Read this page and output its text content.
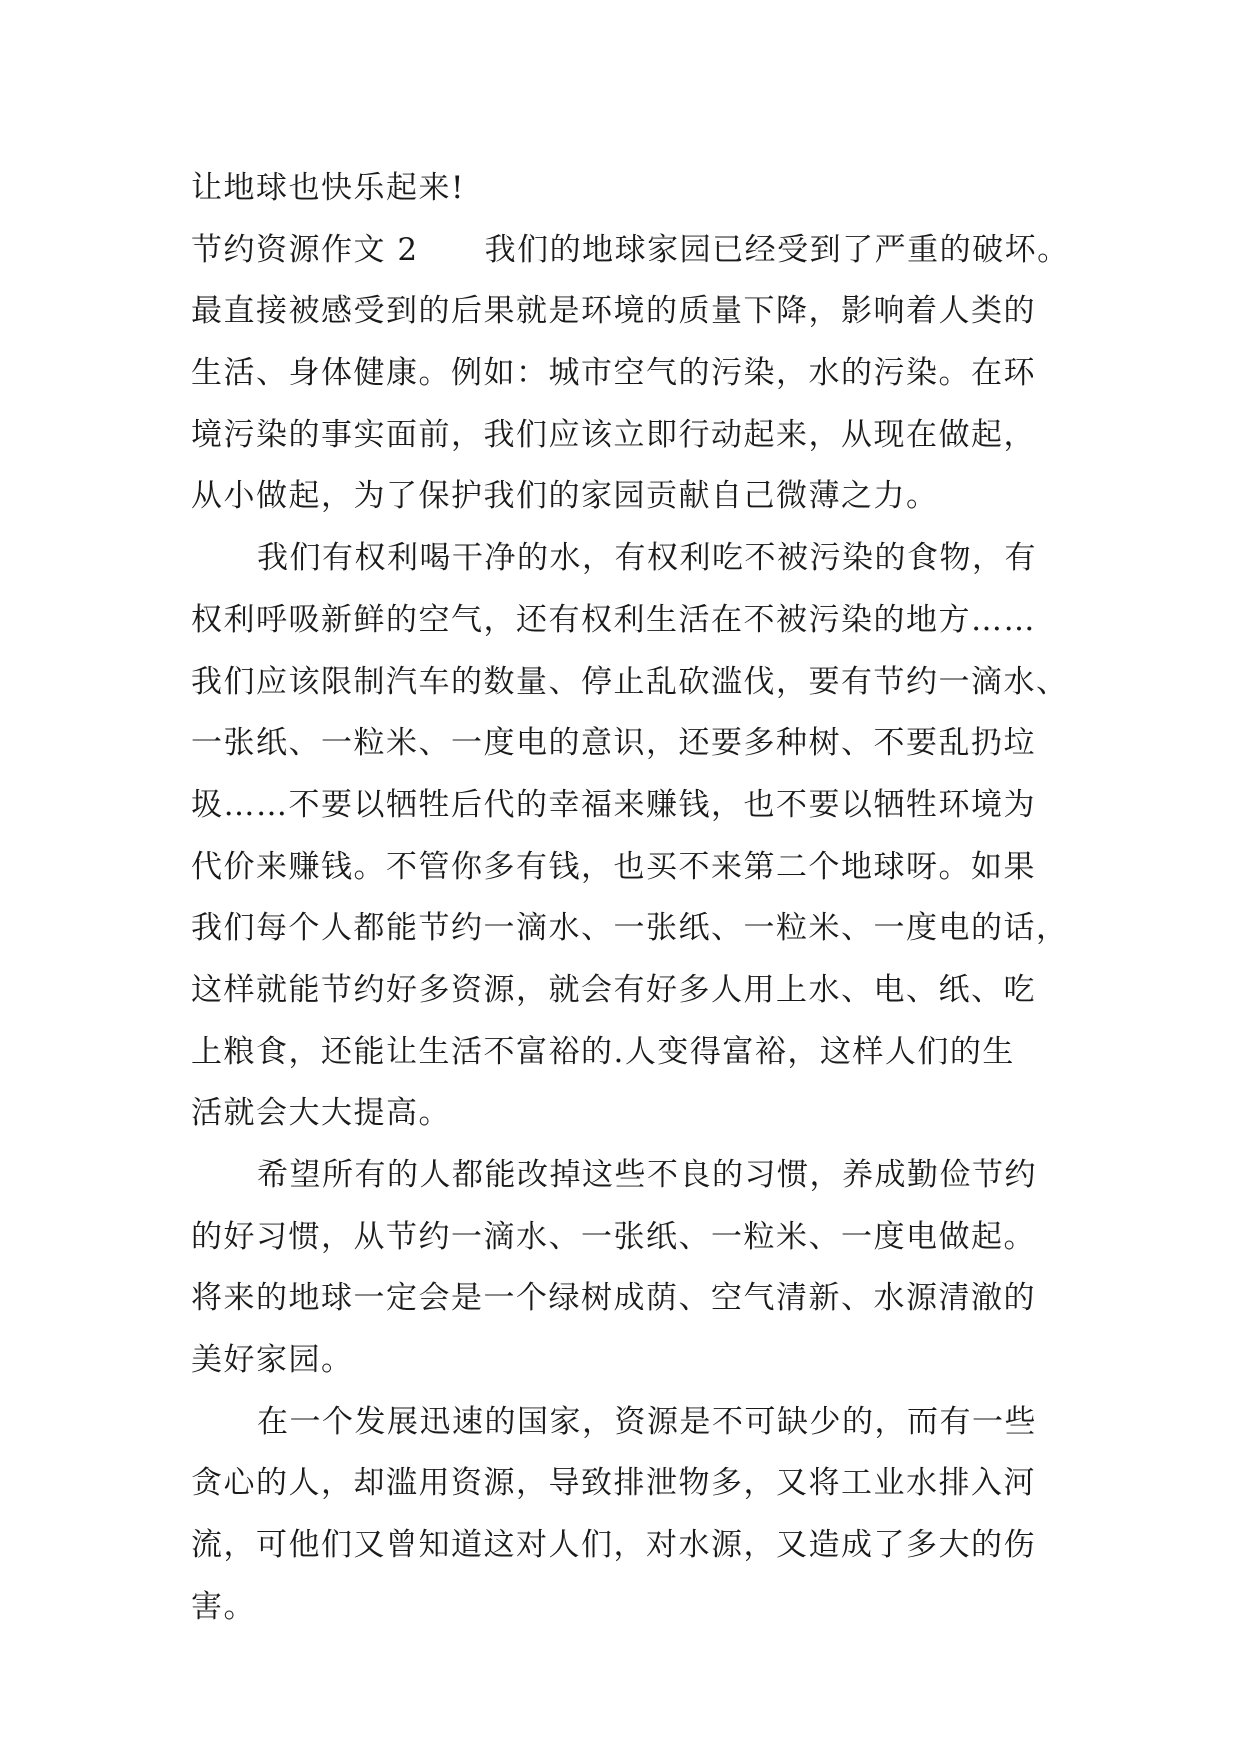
让地球也快乐起来!
节约资源作文 2 我们的地球家园已经受到了严重的破坏。
最直接被感受到的后果就是环境的质量下降，影响着人类的
生活、身体健康。例如：城市空气的污染，水的污染。在环
境污染的事实面前，我们应该立即行动起来，从现在做起，
从小做起，为了保护我们的家园贡献自己微薄之力。
我们有权利喝干净的水，有权利吃不被污染的食物，有
权利呼吸新鲜的空气，还有权利生活在不被污染的地方……
我们应该限制汽车的数量、停止乱砍滥伐，要有节约一滴水、
一张纸、一粒米、一度电的意识，还要多种树、不要乱扔垃
圾……不要以牺牲后代的幸福来赚钱，也不要以牺牲环境为
代价来赚钱。不管你多有钱，也买不来第二个地球呀。如果
我们每个人都能节约一滴水、一张纸、一粒米、一度电的话，
这样就能节约好多资源，就会有好多人用上水、电、纸、吃
上粮食，还能让生活不富裕的.人变得富裕，这样人们的生
活就会大大提高。
希望所有的人都能改掉这些不良的习惯，养成勤俭节约
的好习惯，从节约一滴水、一张纸、一粒米、一度电做起。
将来的地球一定会是一个绿树成荫、空气清新、水源清澈的
美好家园。
在一个发展迅速的国家，资源是不可缺少的，而有一些
贪心的人，却滥用资源，导致排泄物多，又将工业水排入河
流，可他们又曾知道这对人们，对水源，又造成了多大的伤
害。
